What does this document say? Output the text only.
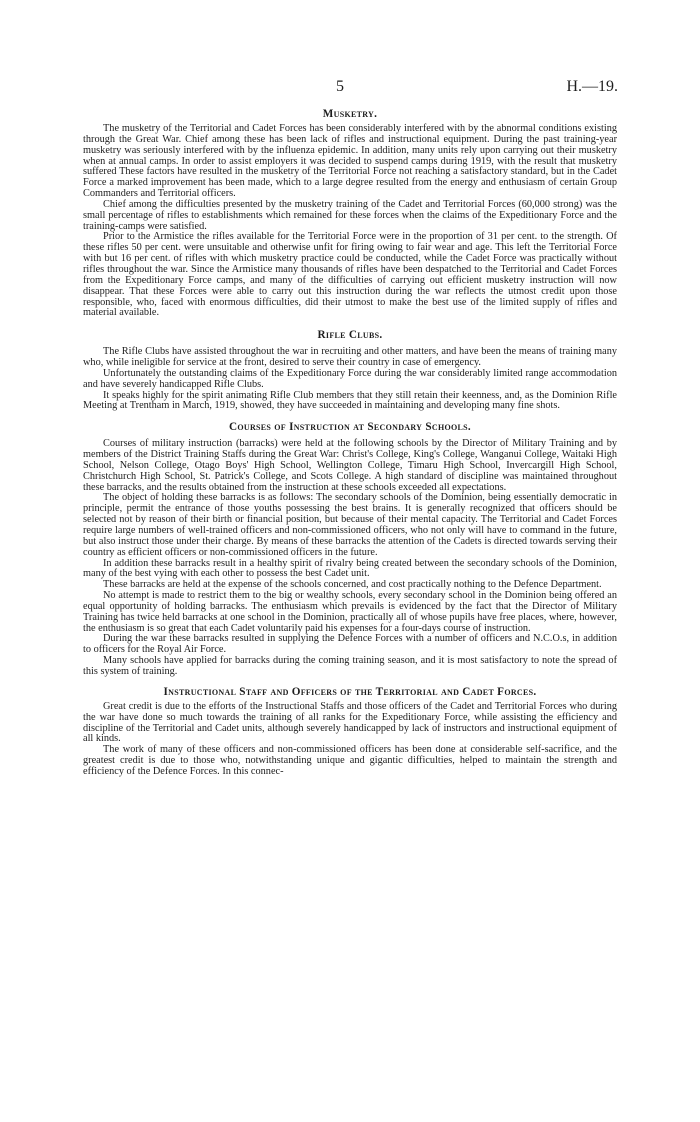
5	H.—19.
Musketry.

The musketry of the Territorial and Cadet Forces has been considerably interfered with by the abnormal conditions existing through the Great War. Chief among these has been lack of rifles and instructional equipment. During the past training-year musketry was seriously interfered with by the influenza epidemic. In addition, many units rely upon carrying out their musketry when at annual camps. In order to assist employers it was decided to suspend camps during 1919, with the result that musketry suffered These factors have resulted in the musketry of the Territorial Force not reaching a satisfactory standard, but in the Cadet Force a marked improvement has been made, which to a large degree resulted from the energy and enthusiasm of certain Group Commanders and Territorial officers.

Chief among the difficulties presented by the musketry training of the Cadet and Territorial Forces (60,000 strong) was the small percentage of rifles to establishments which remained for these forces when the claims of the Expeditionary Force and the training-camps were satisfied.

Prior to the Armistice the rifles available for the Territorial Force were in the proportion of 31 per cent. to the strength. Of these rifles 50 per cent. were unsuitable and otherwise unfit for firing owing to fair wear and age. This left the Territorial Force with but 16 per cent. of rifles with which musketry practice could be conducted, while the Cadet Force was practically without rifles throughout the war. Since the Armistice many thousands of rifles have been despatched to the Territorial and Cadet Forces from the Expeditionary Force camps, and many of the difficulties of carrying out efficient musketry instruction will now disappear. That these Forces were able to carry out this instruction during the war reflects the utmost credit upon those responsible, who, faced with enormous difficulties, did their utmost to make the best use of the limited supply of rifles and material available.

Rifle Clubs.

The Rifle Clubs have assisted throughout the war in recruiting and other matters, and have been the means of training many who, while ineligible for service at the front, desired to serve their country in case of emergency.

Unfortunately the outstanding claims of the Expeditionary Force during the war considerably limited range accommodation and have severely handicapped Rifle Clubs.

It speaks highly for the spirit animating Rifle Club members that they still retain their keenness, and, as the Dominion Rifle Meeting at Trentham in March, 1919, showed, they have succeeded in maintaining and developing many fine shots.

Courses of Instruction at Secondary Schools.

Courses of military instruction (barracks) were held at the following schools by the Director of Military Training and by members of the District Training Staffs during the Great War: Christ's College, King's College, Wanganui College, Waitaki High School, Nelson College, Otago Boys' High School, Wellington College, Timaru High School, Invercargill High School, Christchurch High School, St. Patrick's College, and Scots College. A high standard of discipline was maintained throughout these barracks, and the results obtained from the instruction at these schools exceeded all expectations.

The object of holding these barracks is as follows: The secondary schools of the Dominion, being essentially democratic in principle, permit the entrance of those youths possessing the best brains. It is generally recognized that officers should be selected not by reason of their birth or financial position, but because of their mental capacity. The Territorial and Cadet Forces require large numbers of well-trained officers and non-commissioned officers, who not only will have to command in the future, but also instruct those under their charge. By means of these barracks the attention of the Cadets is directed towards serving their country as efficient officers or non-commissioned officers in the future.

In addition these barracks result in a healthy spirit of rivalry being created between the secondary schools of the Dominion, many of the best vying with each other to possess the best Cadet unit.

These barracks are held at the expense of the schools concerned, and cost practically nothing to the Defence Department.

No attempt is made to restrict them to the big or wealthy schools, every secondary school in the Dominion being offered an equal opportunity of holding barracks. The enthusiasm which prevails is evidenced by the fact that the Director of Military Training has twice held barracks at one school in the Dominion, practically all of whose pupils have free places, where, however, the enthusiasm is so great that each Cadet voluntarily paid his expenses for a four-days course of instruction.

During the war these barracks resulted in supplying the Defence Forces with a number of officers and N.C.O.s, in addition to officers for the Royal Air Force.

Many schools have applied for barracks during the coming training season, and it is most satisfactory to note the spread of this system of training.

Instructional Staff and Officers of the Territorial and Cadet Forces.

Great credit is due to the efforts of the Instructional Staffs and those officers of the Cadet and Territorial Forces who during the war have done so much towards the training of all ranks for the Expeditionary Force, while assisting the efficiency and discipline of the Territorial and Cadet units, although severely handicapped by lack of instructors and instructional equipment of all kinds.

The work of many of these officers and non-commissioned officers has been done at considerable self-sacrifice, and the greatest credit is due to those who, notwithstanding unique and gigantic difficulties, helped to maintain the strength and efficiency of the Defence Forces. In this connec-
